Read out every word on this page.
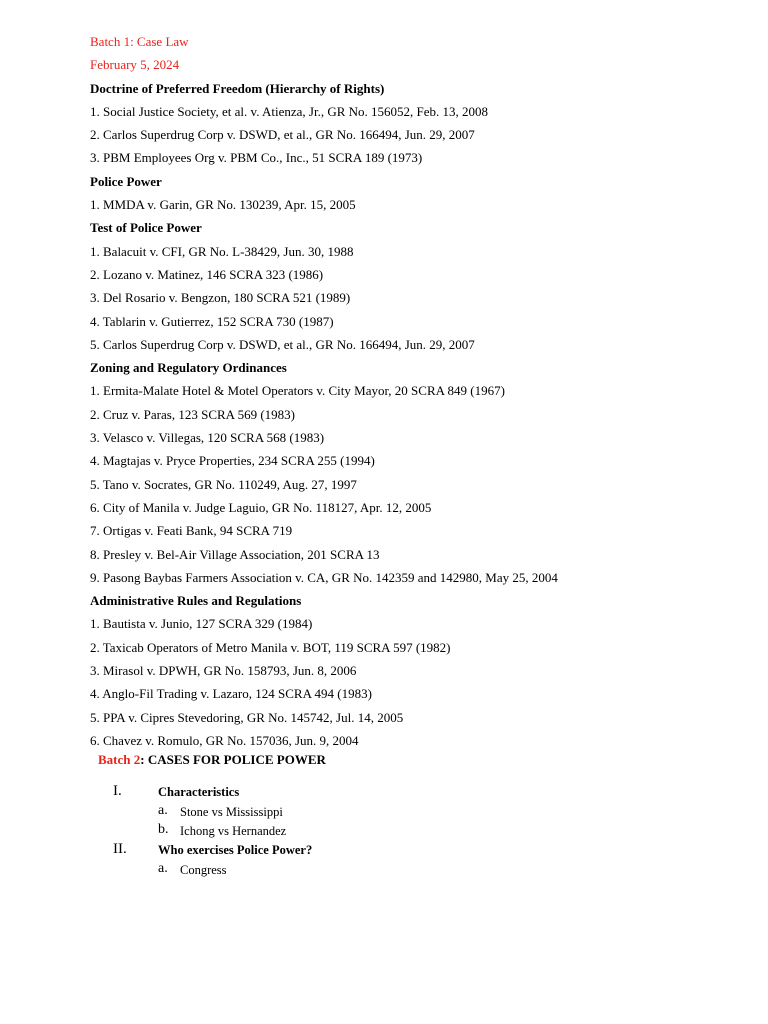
Batch 1: Case Law
February 5, 2024
Doctrine of Preferred Freedom (Hierarchy of Rights)
1. Social Justice Society, et al. v. Atienza, Jr., GR No. 156052, Feb. 13, 2008
2. Carlos Superdrug Corp v. DSWD, et al., GR No. 166494, Jun. 29, 2007
3. PBM Employees Org v. PBM Co., Inc., 51 SCRA 189 (1973)
Police Power
1. MMDA v. Garin, GR No. 130239, Apr. 15, 2005
Test of Police Power
1. Balacuit v. CFI, GR No. L-38429, Jun. 30, 1988
2. Lozano v. Matinez, 146 SCRA 323 (1986)
3. Del Rosario v. Bengzon, 180 SCRA 521 (1989)
4. Tablarin v. Gutierrez, 152 SCRA 730 (1987)
5. Carlos Superdrug Corp v. DSWD, et al., GR No. 166494, Jun. 29, 2007
Zoning and Regulatory Ordinances
1. Ermita-Malate Hotel & Motel Operators v. City Mayor, 20 SCRA 849 (1967)
2. Cruz v. Paras, 123 SCRA 569 (1983)
3. Velasco v. Villegas, 120 SCRA 568 (1983)
4. Magtajas v. Pryce Properties, 234 SCRA 255 (1994)
5. Tano v. Socrates, GR No. 110249, Aug. 27, 1997
6. City of Manila v. Judge Laguio, GR No. 118127, Apr. 12, 2005
7. Ortigas v. Feati Bank, 94 SCRA 719
8. Presley v. Bel-Air Village Association, 201 SCRA 13
9. Pasong Baybas Farmers Association v. CA, GR No. 142359 and 142980, May 25, 2004
Administrative Rules and Regulations
1. Bautista v. Junio, 127 SCRA 329 (1984)
2. Taxicab Operators of Metro Manila v. BOT, 119 SCRA 597 (1982)
3. Mirasol v. DPWH, GR No. 158793, Jun. 8, 2006
4. Anglo-Fil Trading v. Lazaro, 124 SCRA 494 (1983)
5. PPA v. Cipres Stevedoring, GR No. 145742, Jul. 14, 2005
6. Chavez v. Romulo, GR No. 157036, Jun. 9, 2004
Batch 2: CASES FOR POLICE POWER
I.	Characteristics
a. Stone vs Mississippi
b. Ichong vs Hernandez
II.	Who exercises Police Power?
a. Congress
